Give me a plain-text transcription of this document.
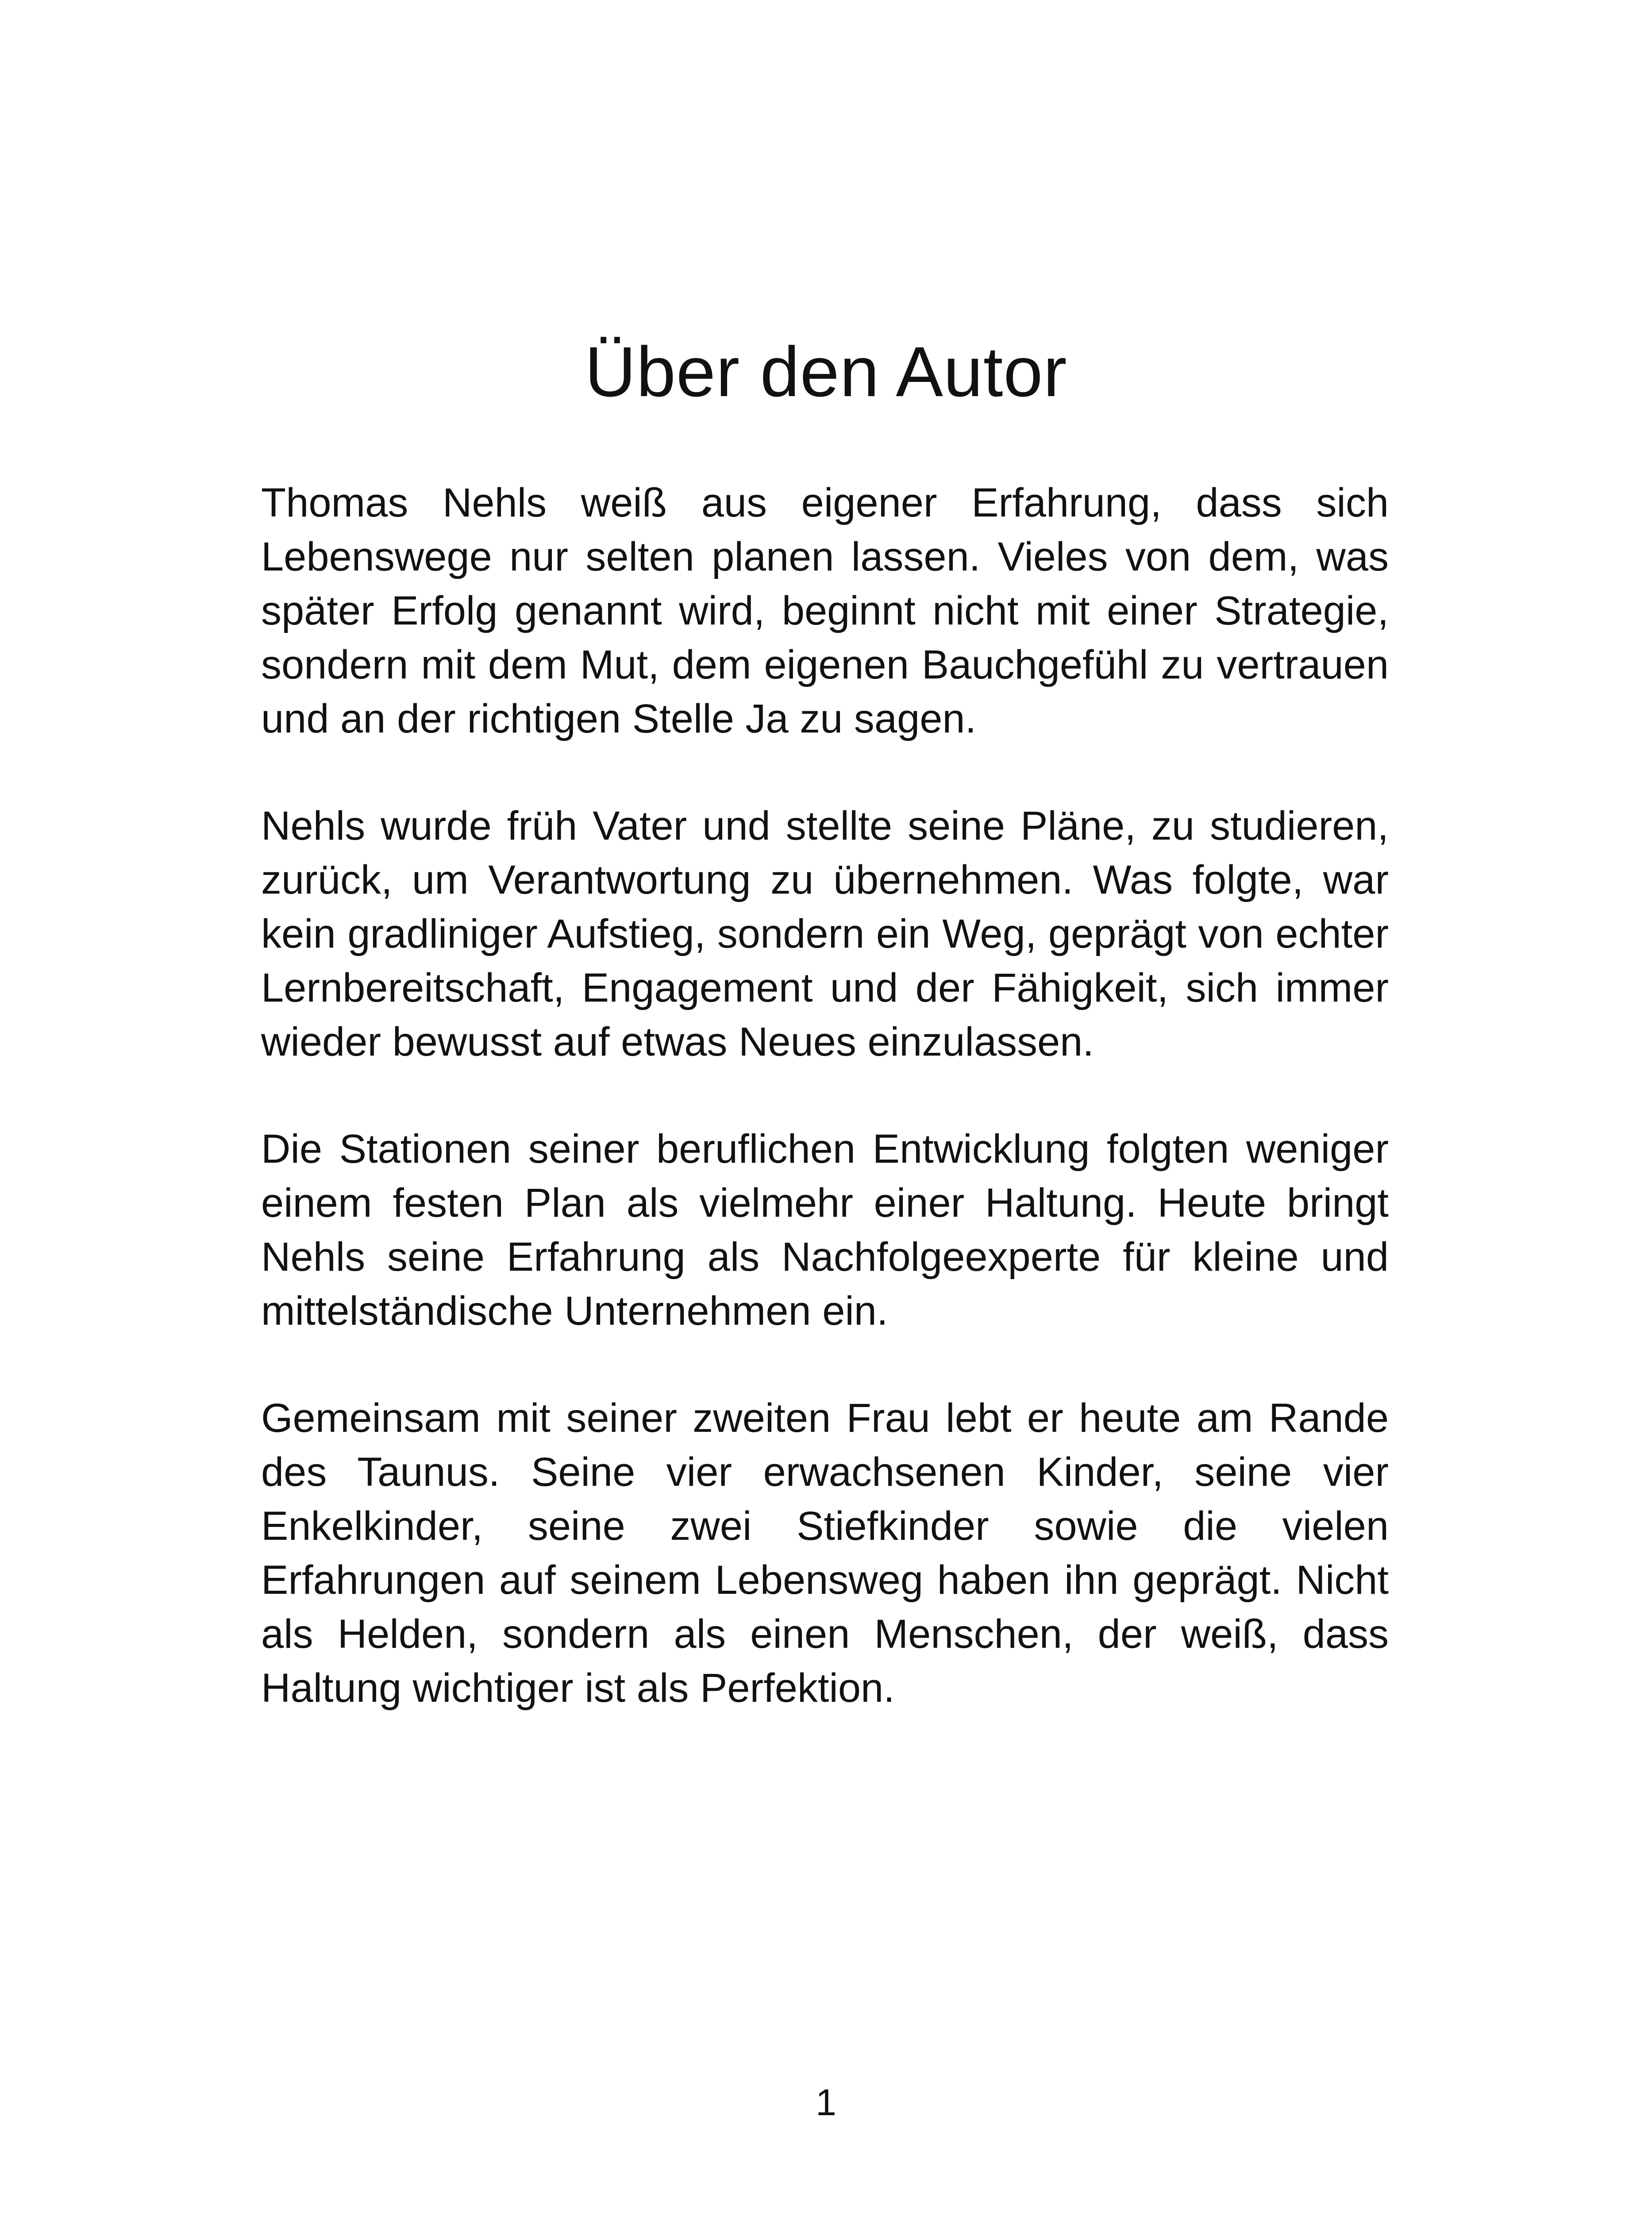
Über den Autor

Thomas Nehls weiß aus eigener Erfahrung, dass sich Lebenswege nur selten planen lassen. Vieles von dem, was später Erfolg genannt wird, beginnt nicht mit einer Strategie, sondern mit dem Mut, dem eigenen Bauchgefühl zu vertrauen und an der richtigen Stelle Ja zu sagen.

Nehls wurde früh Vater und stellte seine Pläne, zu studieren, zurück, um Verantwortung zu übernehmen. Was folgte, war kein gradliniger Aufstieg, sondern ein Weg, geprägt von echter Lernbereitschaft, Engagement und der Fähigkeit, sich immer wieder bewusst auf etwas Neues einzulassen.

Die Stationen seiner beruflichen Entwicklung folgten weniger einem festen Plan als vielmehr einer Haltung. Heute bringt Nehls seine Erfahrung als Nachfolgeexperte für kleine und mittelständische Unternehmen ein.

Gemeinsam mit seiner zweiten Frau lebt er heute am Rande des Taunus. Seine vier erwachsenen Kinder, seine vier Enkelkinder, seine zwei Stiefkinder sowie die vielen Erfahrungen auf seinem Lebensweg haben ihn geprägt. Nicht als Helden, sondern als einen Menschen, der weiß, dass Haltung wichtiger ist als Perfektion.

1
